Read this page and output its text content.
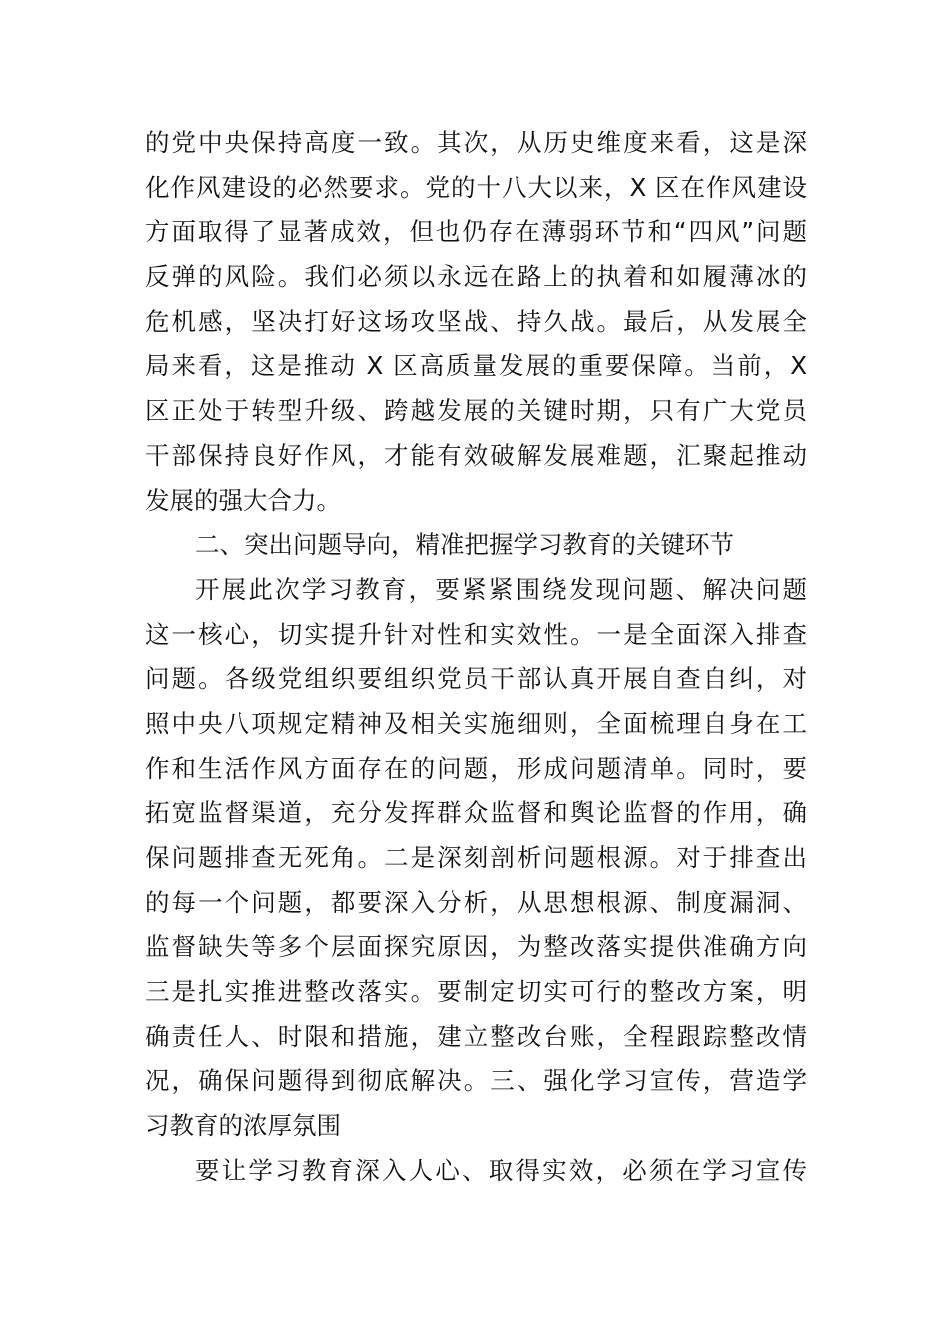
的党中央保持高度一致。其次，从历史维度来看，这是深
化作风建设的必然要求。党的十八大以来，X 区在作风建设
方面取得了显著成效，但也仍存在薄弱环节和“四风”问题
反弹的风险。我们必须以永远在路上的执着和如履薄冰的
危机感，坚决打好这场攻坚战、持久战。最后，从发展全
局来看，这是推动 X 区高质量发展的重要保障。当前，X
区正处于转型升级、跨越发展的关键时期，只有广大党员
干部保持良好作风，才能有效破解发展难题，汇聚起推动
发展的强大合力。
二、突出问题导向，精准把握学习教育的关键环节
开展此次学习教育，要紧紧围绕发现问题、解决问题
这一核心，切实提升针对性和实效性。一是全面深入排查
问题。各级党组织要组织党员干部认真开展自查自纠，对
照中央八项规定精神及相关实施细则，全面梳理自身在工
作和生活作风方面存在的问题，形成问题清单。同时，要
拓宽监督渠道，充分发挥群众监督和舆论监督的作用，确
保问题排查无死角。二是深刻剖析问题根源。对于排查出
的每一个问题，都要深入分析，从思想根源、制度漏洞、
监督缺失等多个层面探究原因，为整改落实提供准确方向
三是扎实推进整改落实。要制定切实可行的整改方案，明
确责任人、时限和措施，建立整改台账，全程跟踪整改情
况，确保问题得到彻底解决。三、强化学习宣传，营造学
习教育的浓厚氛围
要让学习教育深入人心、取得实效，必须在学习宣传
